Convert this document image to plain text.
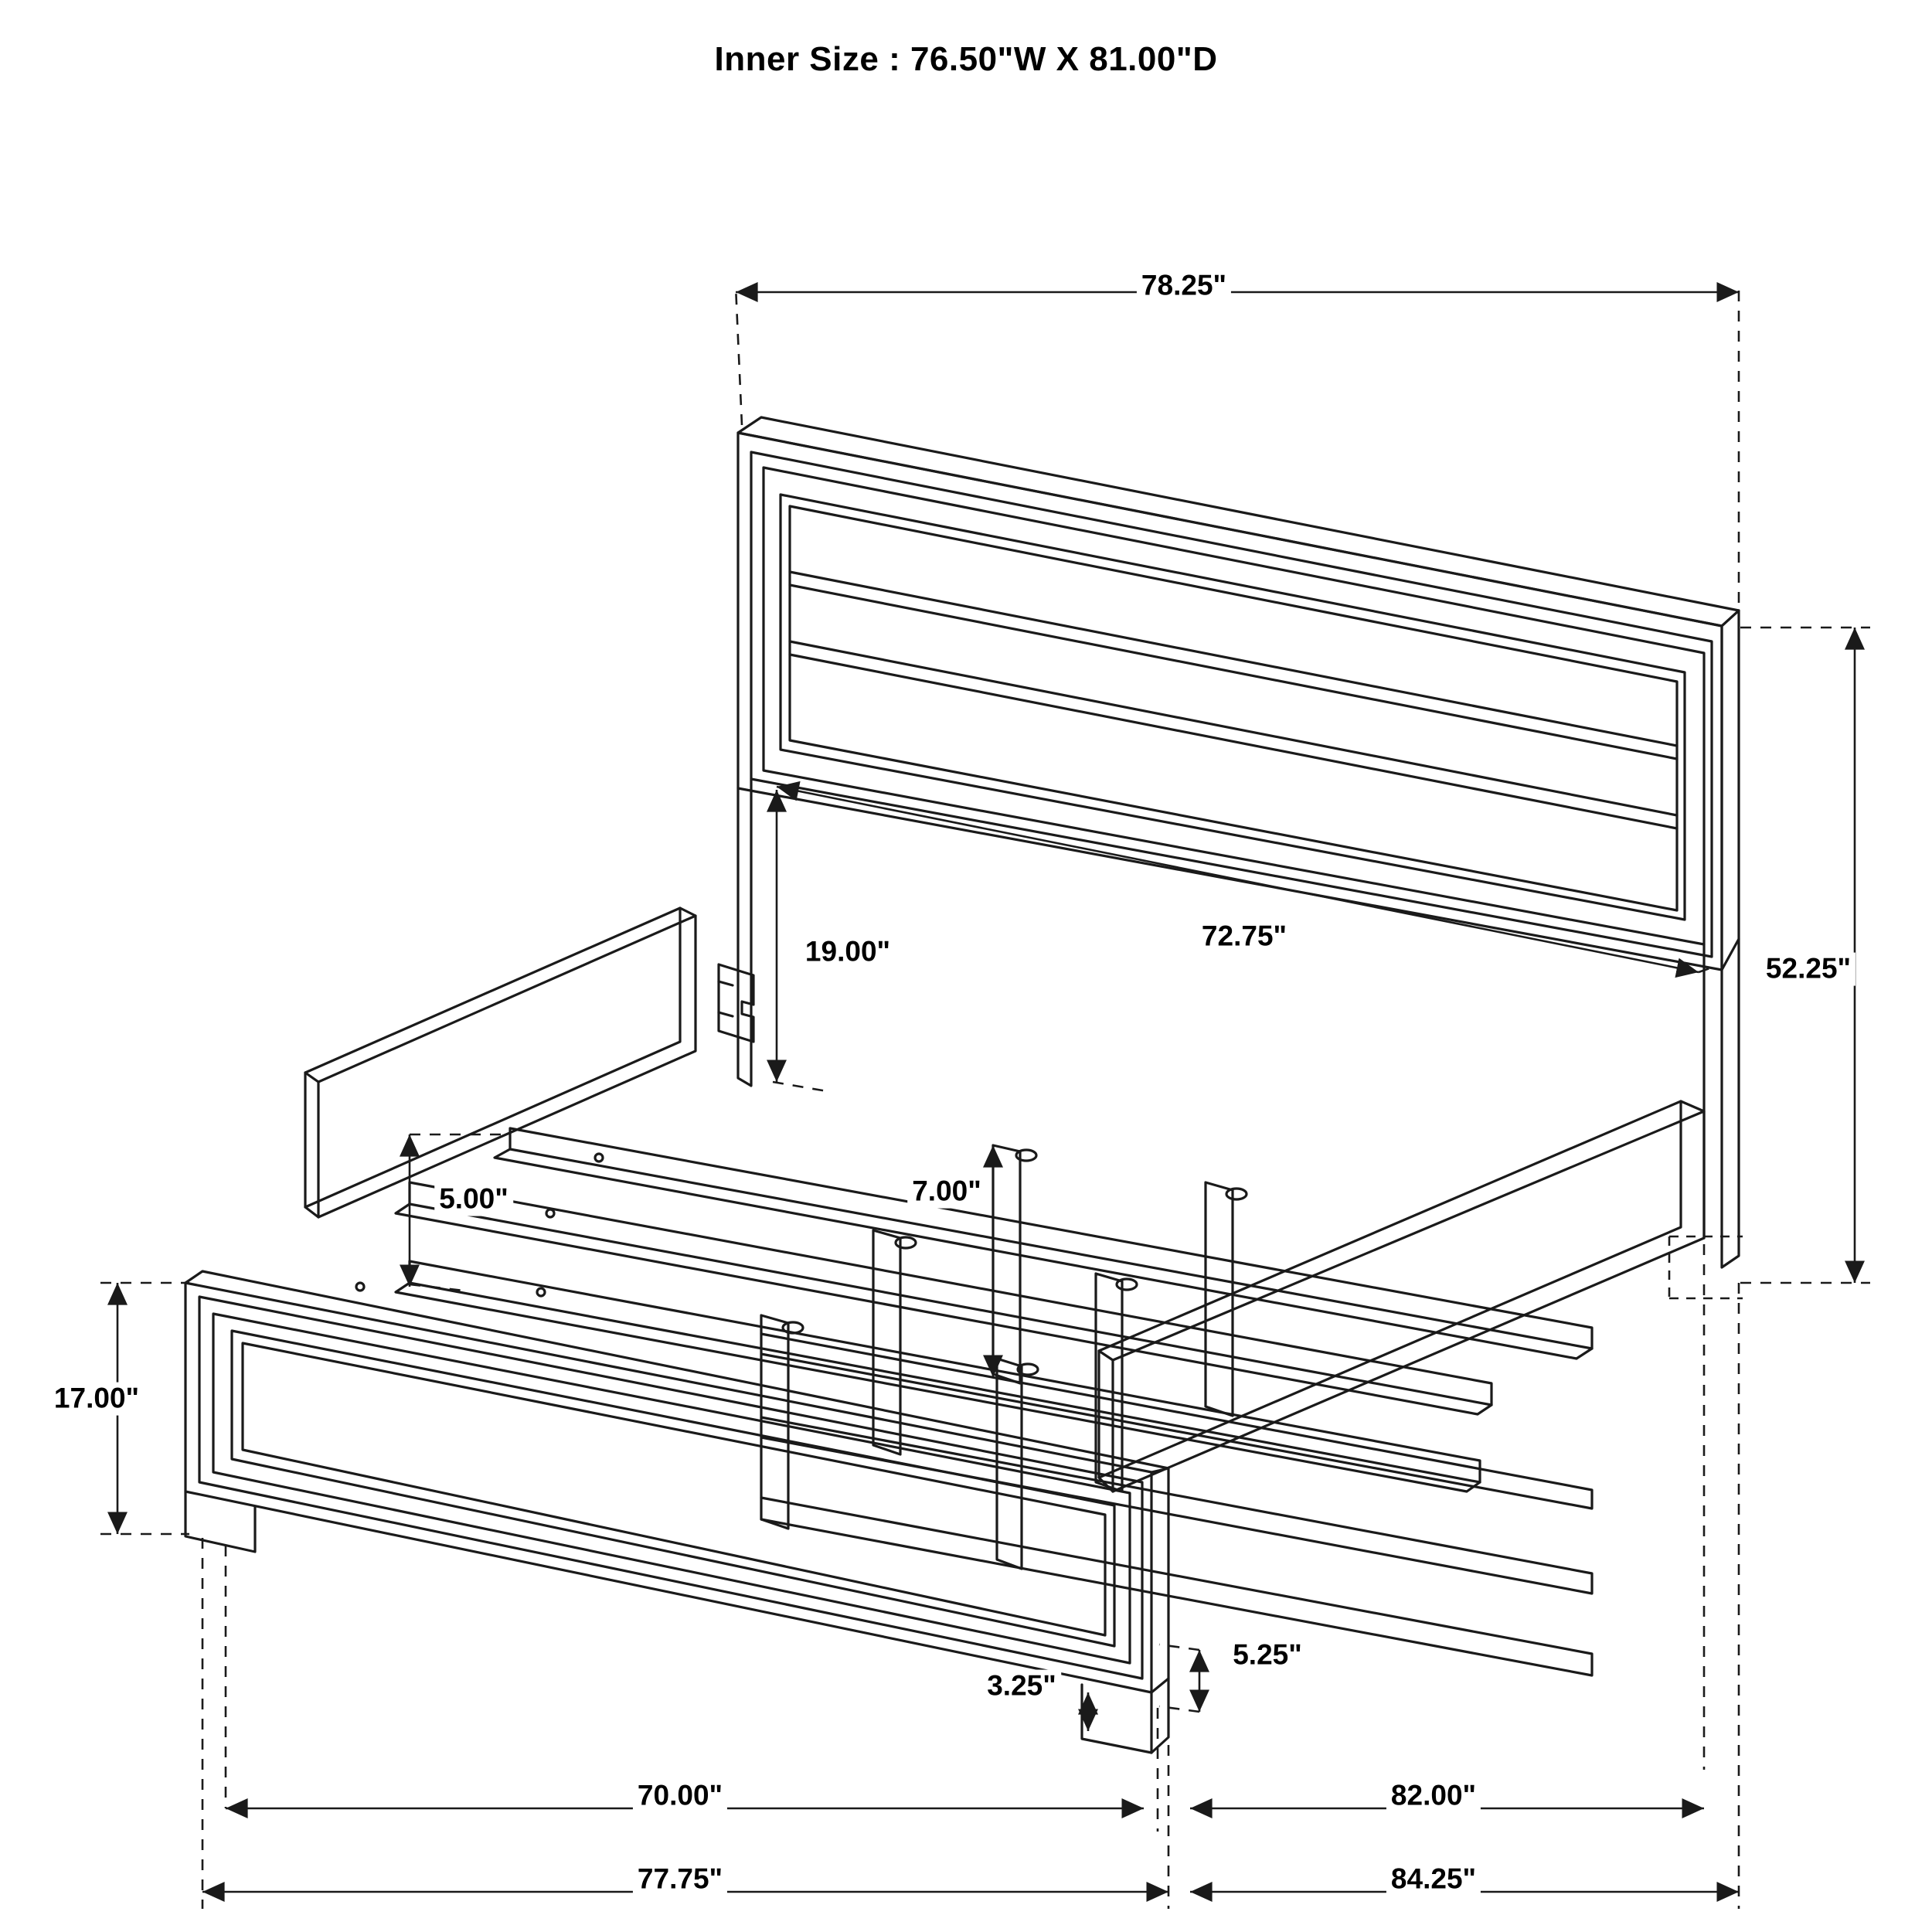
Inner Size : 76.50"W X 81.00"D
78.25"
72.75"
19.00"
52.25"
5.00"	7.00"
17.00"
5.25"
3.25"
70.00"	82.00"
77.75"	84.25"
